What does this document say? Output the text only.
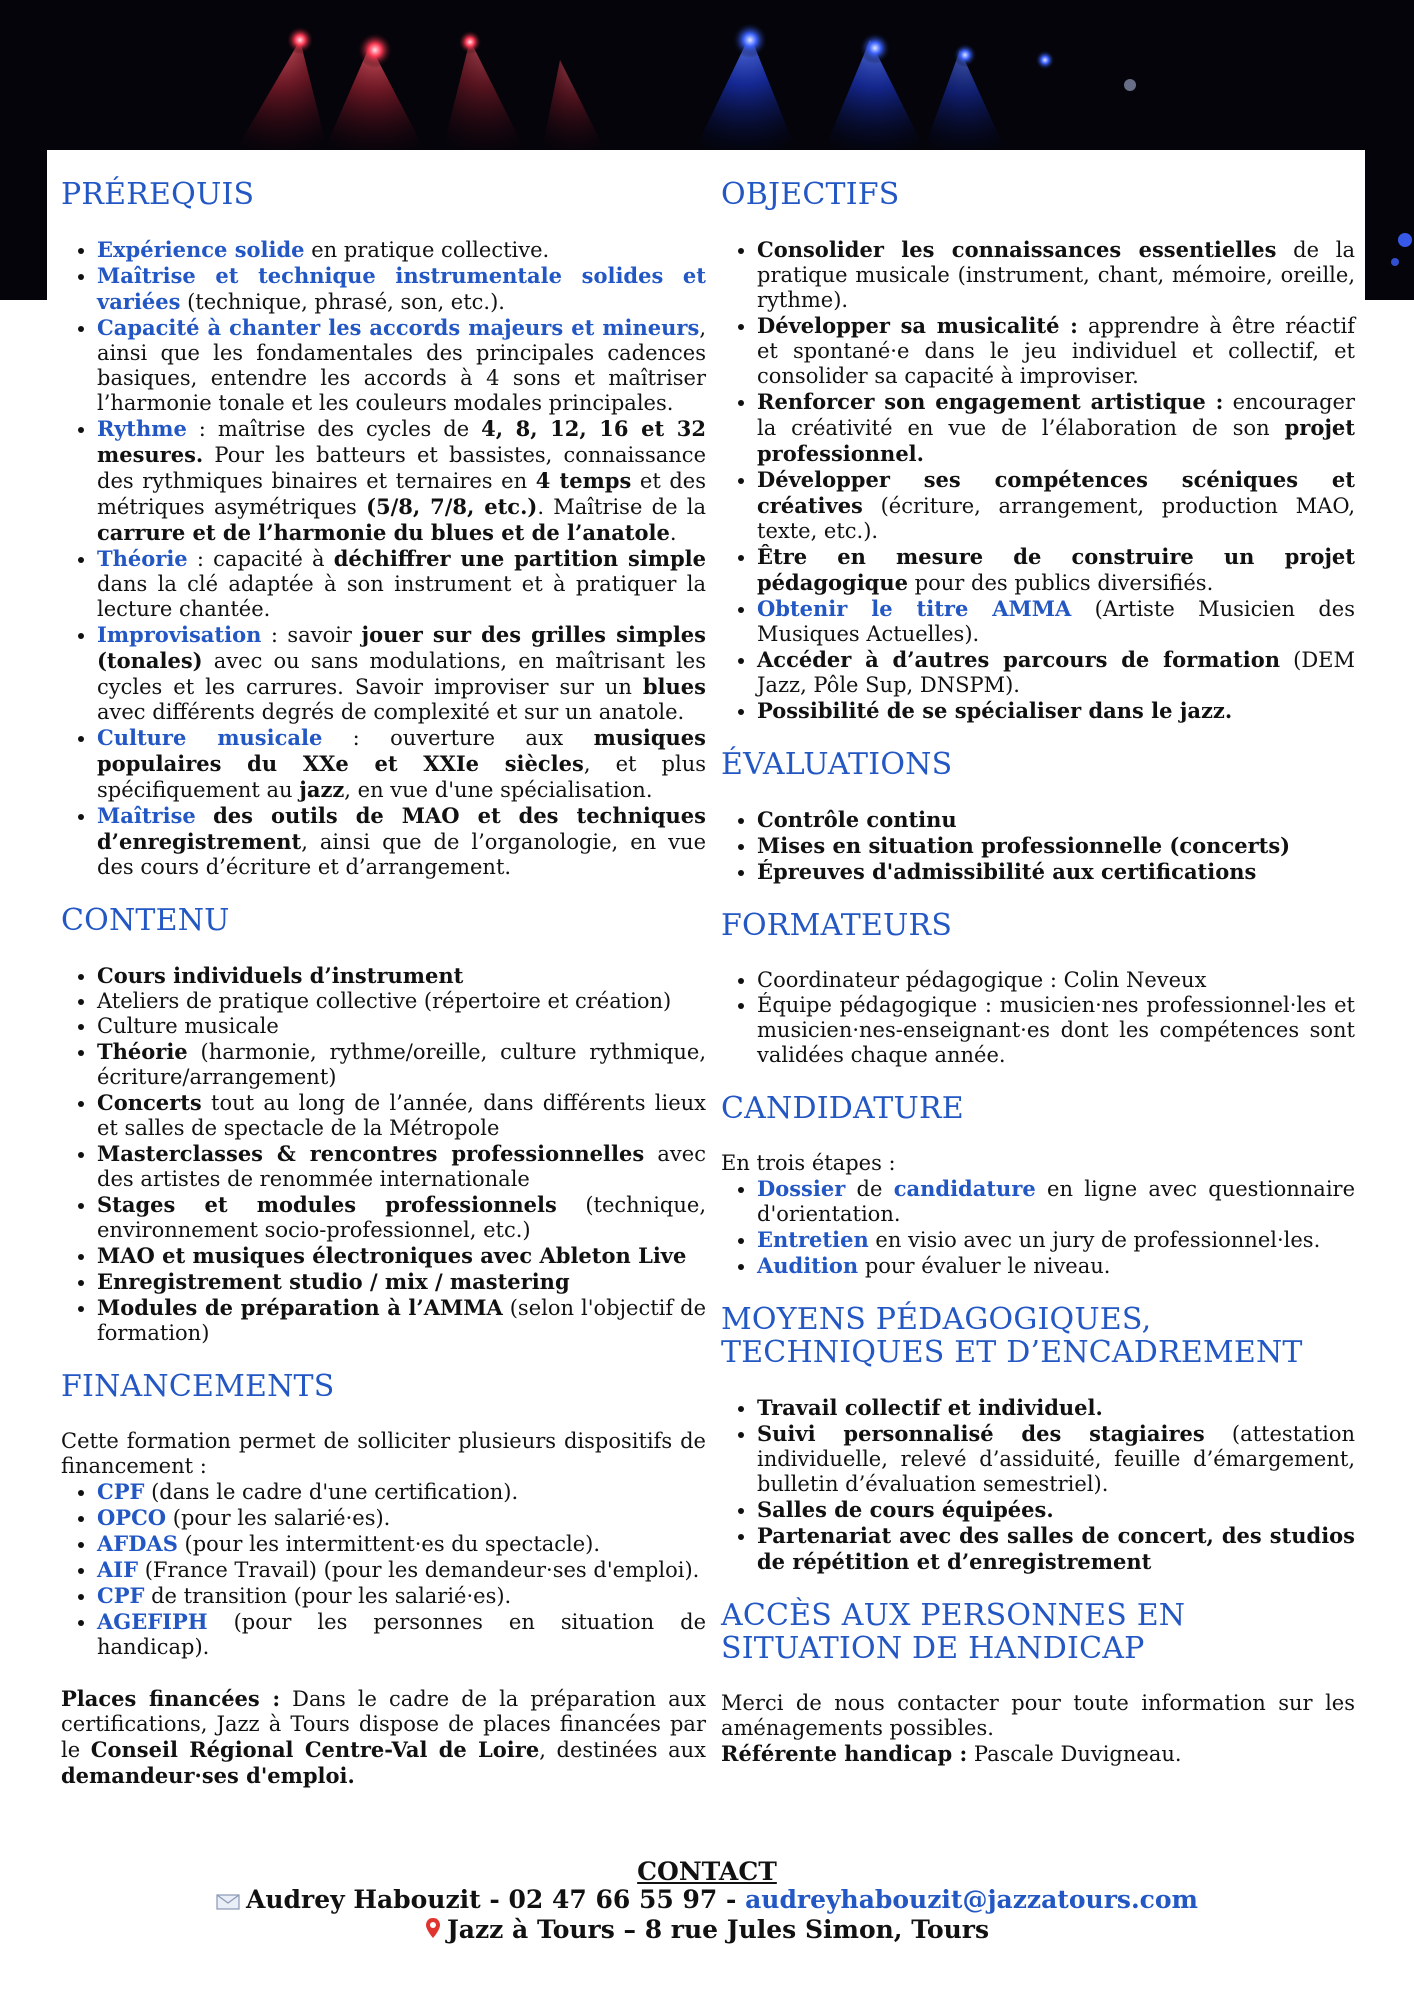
PRÉREQUIS
• Expérience solide en pratique collective.
• Maîtrise et technique instrumentale solides et variées (technique, phrasé, son, etc.).
• Capacité à chanter les accords majeurs et mineurs, ainsi que les fondamentales des principales cadences basiques, entendre les accords à 4 sons et maîtriser l’harmonie tonale et les couleurs modales principales.
• Rythme : maîtrise des cycles de 4, 8, 12, 16 et 32 mesures. Pour les batteurs et bassistes, connaissance des rythmiques binaires et ternaires en 4 temps et des métriques asymétriques (5/8, 7/8, etc.). Maîtrise de la carrure et de l’harmonie du blues et de l’anatole.
• Théorie : capacité à déchiffrer une partition simple dans la clé adaptée à son instrument et à pratiquer la lecture chantée.
• Improvisation : savoir jouer sur des grilles simples (tonales) avec ou sans modulations, en maîtrisant les cycles et les carrures. Savoir improviser sur un blues avec différents degrés de complexité et sur un anatole.
• Culture musicale : ouverture aux musiques populaires du XXe et XXIe siècles, et plus spécifiquement au jazz, en vue d'une spécialisation.
• Maîtrise des outils de MAO et des techniques d’enregistrement, ainsi que de l’organologie, en vue des cours d’écriture et d’arrangement.
CONTENU
• Cours individuels d’instrument
• Ateliers de pratique collective (répertoire et création)
• Culture musicale
• Théorie (harmonie, rythme/oreille, culture rythmique, écriture/arrangement)
• Concerts tout au long de l’année, dans différents lieux et salles de spectacle de la Métropole
• Masterclasses & rencontres professionnelles avec des artistes de renommée internationale
• Stages et modules professionnels (technique, environnement socio-professionnel, etc.)
• MAO et musiques électroniques avec Ableton Live
• Enregistrement studio / mix / mastering
• Modules de préparation à l’AMMA (selon l'objectif de formation)
FINANCEMENTS

Cette formation permet de solliciter plusieurs dispositifs de financement :

• CPF (dans le cadre d'une certification).
• OPCO (pour les salarié·es).
• AFDAS (pour les intermittent·es du spectacle).
• AIF (France Travail) (pour les demandeur·ses d'emploi).
• CPF de transition (pour les salarié·es).
• AGEFIPH (pour les personnes en situation de handicap).

Places financées : Dans le cadre de la préparation aux certifications, Jazz à Tours dispose de places financées par le Conseil Régional Centre-Val de Loire, destinées aux demandeur·ses d'emploi.

OBJECTIFS
• Consolider les connaissances essentielles de la pratique musicale (instrument, chant, mémoire, oreille, rythme).
• Développer sa musicalité : apprendre à être réactif et spontané·e dans le jeu individuel et collectif, et consolider sa capacité à improviser.
• Renforcer son engagement artistique : encourager la créativité en vue de l’élaboration de son projet professionnel.
• Développer ses compétences scéniques et créatives (écriture, arrangement, production MAO, texte, etc.).
• Être en mesure de construire un projet pédagogique pour des publics diversifiés.
• Obtenir le titre AMMA (Artiste Musicien des Musiques Actuelles).
• Accéder à d’autres parcours de formation (DEM Jazz, Pôle Sup, DNSPM).
• Possibilité de se spécialiser dans le jazz.
ÉVALUATIONS
• Contrôle continu
• Mises en situation professionnelle (concerts)
• Épreuves d'admissibilité aux certifications
FORMATEURS
• Coordinateur pédagogique : Colin Neveux
• Équipe pédagogique : musicien·nes professionnel·les et musicien·nes-enseignant·es dont les compétences sont validées chaque année.
CANDIDATURE

En trois étapes :

• Dossier de candidature en ligne avec questionnaire d'orientation.
• Entretien en visio avec un jury de professionnel·les.
• Audition pour évaluer le niveau.
MOYENS PÉDAGOGIQUES, TECHNIQUES ET D’ENCADREMENT
• Travail collectif et individuel.
• Suivi personnalisé des stagiaires (attestation individuelle, relevé d’assiduité, feuille d’émargement, bulletin d’évaluation semestriel).
• Salles de cours équipées.
• Partenariat avec des salles de concert, des studios de répétition et d’enregistrement
ACCÈS AUX PERSONNES EN SITUATION DE HANDICAP

Merci de nous contacter pour toute information sur les aménagements possibles.

Référente handicap : Pascale Duvigneau.

CONTACT
Audrey Habouzit - 02 47 66 55 97 - audreyhabouzit@jazzatours.com
Jazz à Tours – 8 rue Jules Simon, Tours
